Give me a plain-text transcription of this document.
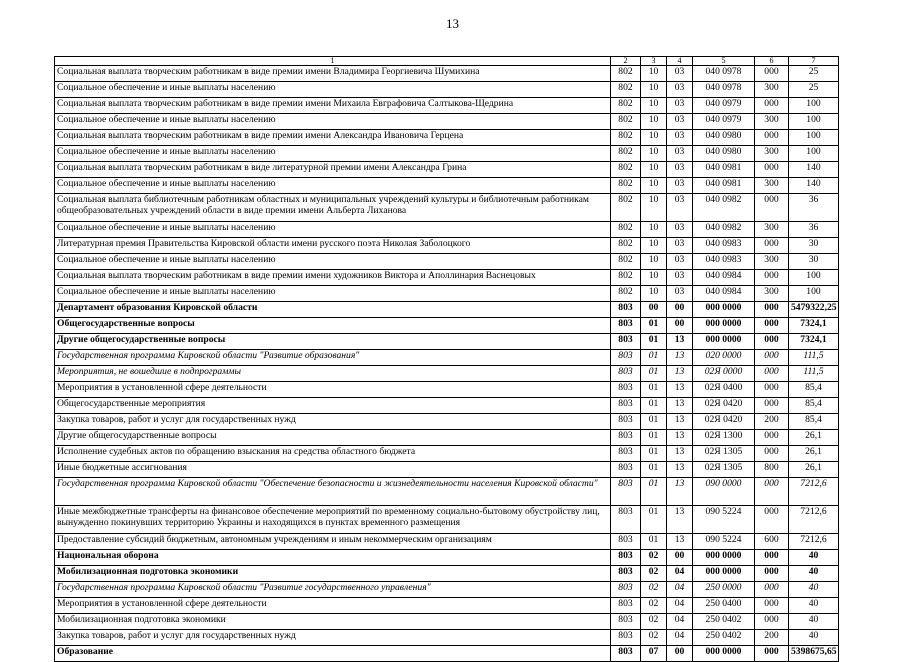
13
1	2	3	4	5	6	7
Социальная выплата творческим работникам в виде премии имени Владимира Георгиевича Шумихина	802	10	03	040 0978	000	25
Социальное обеспечение и иные выплаты населению	802	10	03	040 0978	300	25
Социальная выплата творческим работникам в виде премии имени Михаила Евграфовича Салтыкова-Щедрина	802	10	03	040 0979	000	100
Социальное обеспечение и иные выплаты населению	802	10	03	040 0979	300	100
Социальная выплата творческим работникам в виде премии имени Александра Ивановича Герцена	802	10	03	040 0980	000	100
Социальное обеспечение и иные выплаты населению	802	10	03	040 0980	300	100
Социальная выплата творческим работникам в виде литературной премии имени Александра Грина	802	10	03	040 0981	000	140
Социальное обеспечение и иные выплаты населению	802	10	03	040 0981	300	140
Социальная выплата библиотечным работникам областных и муниципальных учреждений культуры и библиотечным работникам общеобразовательных учреждений области в виде премии имени Альберта Лиханова	802	10	03	040 0982	000	36
Социальное обеспечение и иные выплаты населению	802	10	03	040 0982	300	36
Литературная премия Правительства Кировской области имени русского поэта Николая Заболоцкого	802	10	03	040 0983	000	30
Социальное обеспечение и иные выплаты населению	802	10	03	040 0983	300	30
Социальная выплата творческим работникам в виде премии имени художников Виктора и Аполлинария Васнецовых	802	10	03	040 0984	000	100
Социальное обеспечение и иные выплаты населению	802	10	03	040 0984	300	100
Департамент образования Кировской области	803	00	00	000 0000	000	5479322,25
Общегосударственные вопросы	803	01	00	000 0000	000	7324,1
Другие общегосударственные вопросы	803	01	13	000 0000	000	7324,1
Государственная программа Кировской области "Развитие образования"	803	01	13	020 0000	000	111,5
Мероприятия, не вошедшие в подпрограммы	803	01	13	02Я 0000	000	111,5
Мероприятия в установленной сфере деятельности	803	01	13	02Я 0400	000	85,4
Общегосударственные мероприятия	803	01	13	02Я 0420	000	85,4
Закупка товаров, работ и услуг для государственных нужд	803	01	13	02Я 0420	200	85,4
Другие общегосударственные вопросы	803	01	13	02Я 1300	000	26,1
Исполнение судебных актов по обращению взыскания на средства областного бюджета	803	01	13	02Я 1305	000	26,1
Иные бюджетные ассигнования	803	01	13	02Я 1305	800	26,1
Государственная программа Кировской области "Обеспечение безопасности и жизнедеятельности населения Кировской области"	803	01	13	090 0000	000	7212,6
Иные межбюджетные трансферты на финансовое обеспечение мероприятий по временному социально-бытовому обустройству лиц, вынужденно покинувших территорию Украины и находящихся в пунктах временного размещения	803	01	13	090 5224	000	7212,6
Предоставление субсидий бюджетным, автономным учреждениям и иным некоммерческим организациям	803	01	13	090 5224	600	7212,6
Национальная оборона	803	02	00	000 0000	000	40
Мобилизационная подготовка экономики	803	02	04	000 0000	000	40
Государственная программа Кировской области "Развитие государственного управления"	803	02	04	250 0000	000	40
Мероприятия в установленной сфере деятельности	803	02	04	250 0400	000	40
Мобилизационная подготовка экономики	803	02	04	250 0402	000	40
Закупка товаров, работ и услуг для государственных нужд	803	02	04	250 0402	200	40
Образование	803	07	00	000 0000	000	5398675,65
